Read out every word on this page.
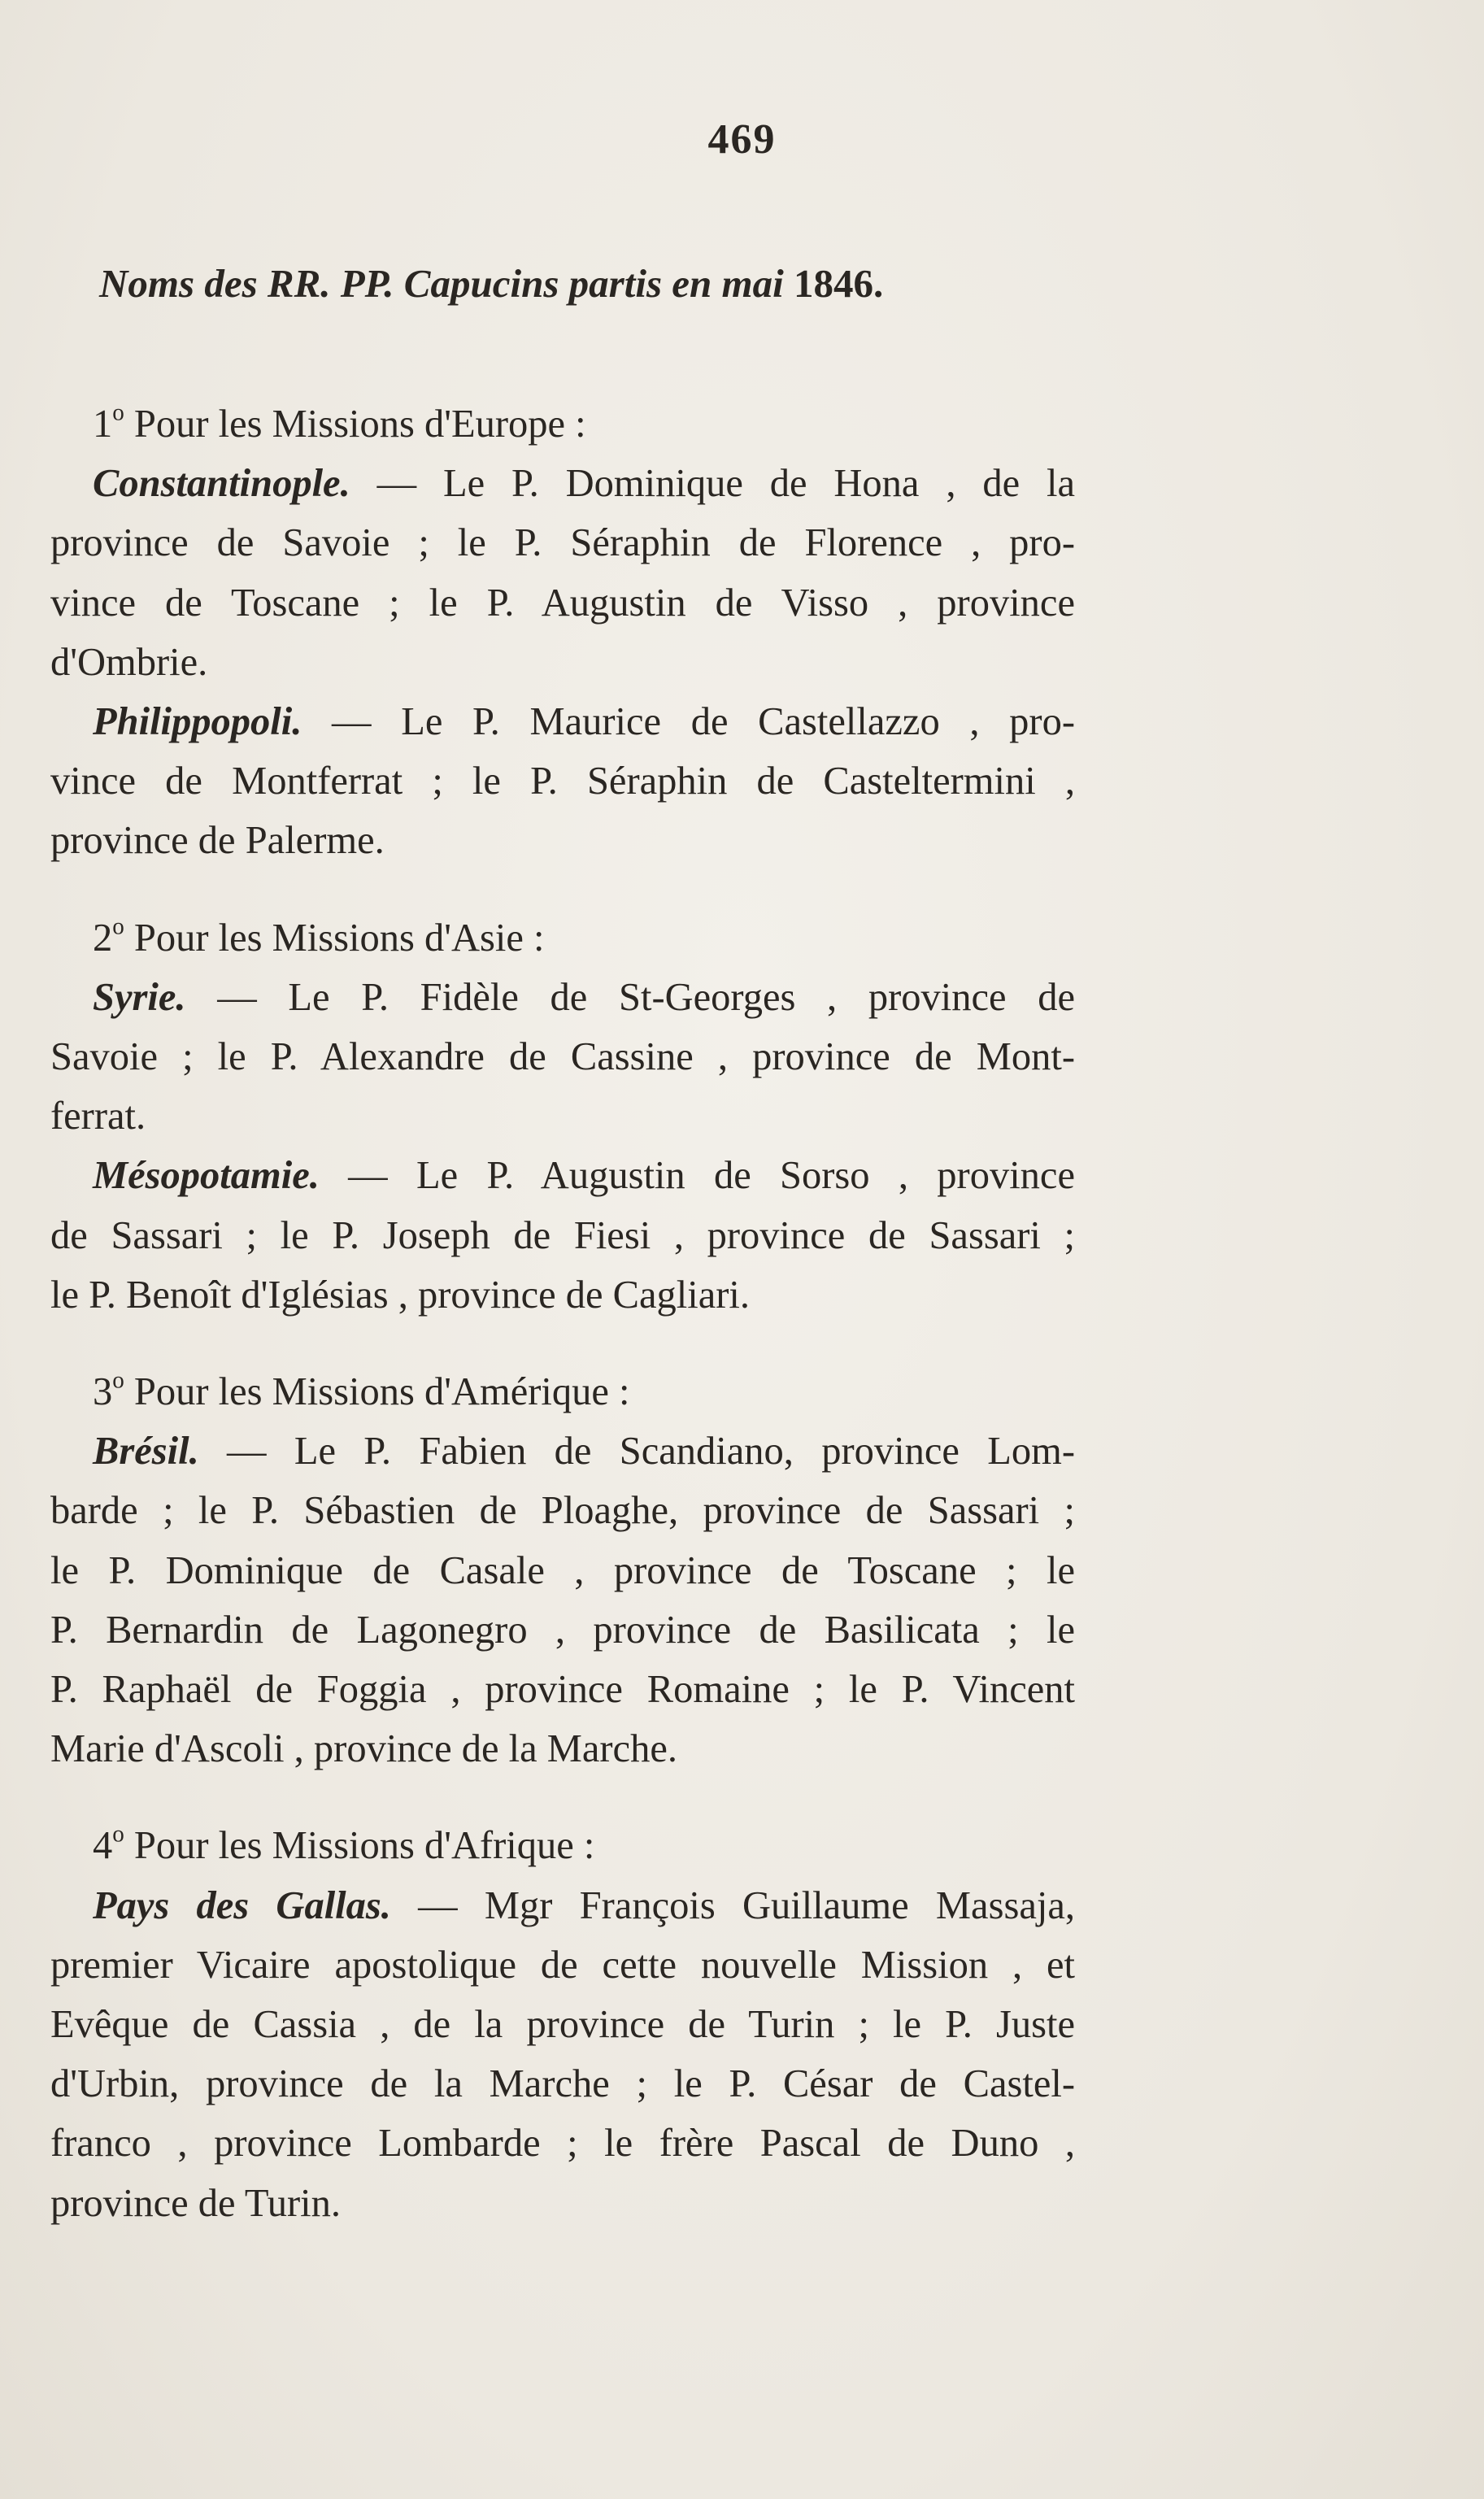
469
Noms des RR. PP. Capucins partis en mai 1846.
1$^o$ Pour les Missions d'Europe :
Constantinople. — Le P. Dominique de Hona , de la
province de Savoie ; le P. Séraphin de Florence , pro-
vince de Toscane ; le P. Augustin de Visso , province
d'Ombrie.
Philippopoli. — Le P. Maurice de Castellazzo , pro-
vince de Montferrat ; le P. Séraphin de Casteltermini ,
province de Palerme.
2$^o$ Pour les Missions d'Asie :
Syrie. — Le P. Fidèle de St-Georges , province de
Savoie ; le P. Alexandre de Cassine , province de Mont-
ferrat.
Mésopotamie. — Le P. Augustin de Sorso , province
de Sassari ; le P. Joseph de Fiesi , province de Sassari ;
le P. Benoît d'Iglésias , province de Cagliari.
3$^o$ Pour les Missions d'Amérique :
Brésil. — Le P. Fabien de Scandiano, province Lom-
barde ; le P. Sébastien de Ploaghe, province de Sassari ;
le P. Dominique de Casale , province de Toscane ; le
P. Bernardin de Lagonegro , province de Basilicata ; le
P. Raphaël de Foggia , province Romaine ; le P. Vincent
Marie d'Ascoli , province de la Marche.
4$^o$ Pour les Missions d'Afrique :
Pays des Gallas. — Mgr François Guillaume Massaja,
premier Vicaire apostolique de cette nouvelle Mission , et
Evêque de Cassia , de la province de Turin ; le P. Juste
d'Urbin, province de la Marche ; le P. César de Castel-
franco , province Lombarde ; le frère Pascal de Duno ,
province de Turin.
